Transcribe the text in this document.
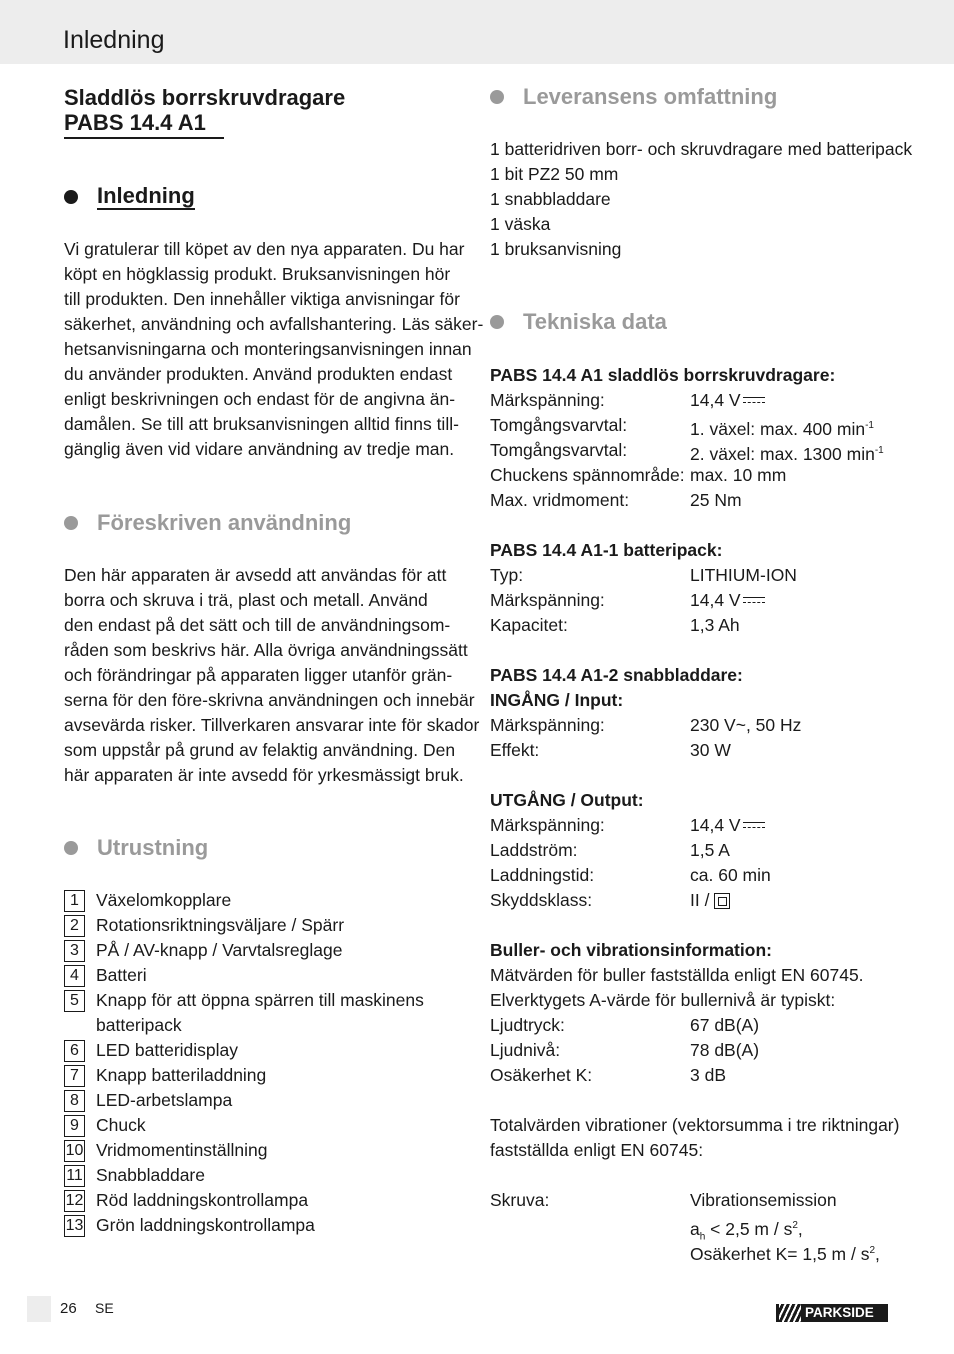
Inledning
Sladdlös borrskruvdragare
PABS 14.4 A1
Inledning
Vi gratulerar till köpet av den nya apparaten. Du har
köpt en högklassig produkt. Bruksanvisningen hör
till produkten. Den innehåller viktiga anvisningar för
säkerhet, användning och avfallshantering. Läs säker-
hetsanvisningarna och monteringsanvisningen innan
du använder produkten. Använd produkten endast
enligt beskrivningen och endast för de angivna än-
damålen. Se till att bruksanvisningen alltid finns till-
gänglig även vid vidare användning av tredje man.
Föreskriven användning
Den här apparaten är avsedd att användas för att
borra och skruva i trä, plast och metall. Använd
den endast på det sätt och till de användningsom-
råden som beskrivs här. Alla övriga användningssätt
och förändringar på apparaten ligger utanför grän-
serna för den före-skrivna användningen och innebär
avsevärda risker. Tillverkaren ansvarar inte för skador
som uppstår på grund av felaktig användning. Den
här apparaten är inte avsedd för yrkesmässigt bruk.
Utrustning
1 Växelomkopplare
2 Rotationsriktningsväljare / Spärr
3 PÅ / AV-knapp / Varvtalsreglage
4 Batteri
5 Knapp för att öppna spärren till maskinens
batteripack
6 LED batteridisplay
7 Knapp batteriladdning
8 LED-arbetslampa
9 Chuck
10 Vridmomentinställning
11 Snabbladdare
12 Röd laddningskontrollampa
13 Grön laddningskontrollampa
Leveransens omfattning
1 batteridriven borr- och skruvdragare med batteripack
1 bit PZ2 50 mm
1 snabbladdare
1 väska
1 bruksanvisning
Tekniska data
PABS 14.4 A1 sladdlös borrskruvdragare:
Märkspänning:	14,4 V
Tomgångsvarvtal:	1. växel: max. 400 $\min^{-1}$
Tomgångsvarvtal:	2. växel: max. 1300 $\min^{-1}$
Chuckens spännområde: max. 10 mm
Max. vridmoment:	25 Nm
PABS 14.4 A1-1 batteripack:
Typ:	LITHIUM-ION
Märkspänning:	14,4 V
Kapacitet:	1,3 Ah
PABS 14.4 A1-2 snabbladdare:
INGÅNG / Input:
Märkspänning:	230 V~, 50 Hz
Effekt:	30 W
UTGÅNG / Output:
Märkspänning:	14,4 V
Laddström:	1,5 A
Laddningstid:	ca. 60 min
Skyddsklass:	II /
Buller- och vibrationsinformation:
Mätvärden för buller fastställda enligt EN 60745.
Elverktygets A-värde för bullernivå är typiskt:
Ljudtryck:	67 dB(A)
Ljudnivå:	78 dB(A)
Osäkerhet K:	3 dB
Totalvärden vibrationer (vektorsumma i tre riktningar)
fastställda enligt EN 60745:
Skruva:	Vibrationsemission
$a_h < 2,5$ m / $s^2$,
Osäkerhet K= 1,5 m / $s^2$,
26 SE	PARKSIDE
